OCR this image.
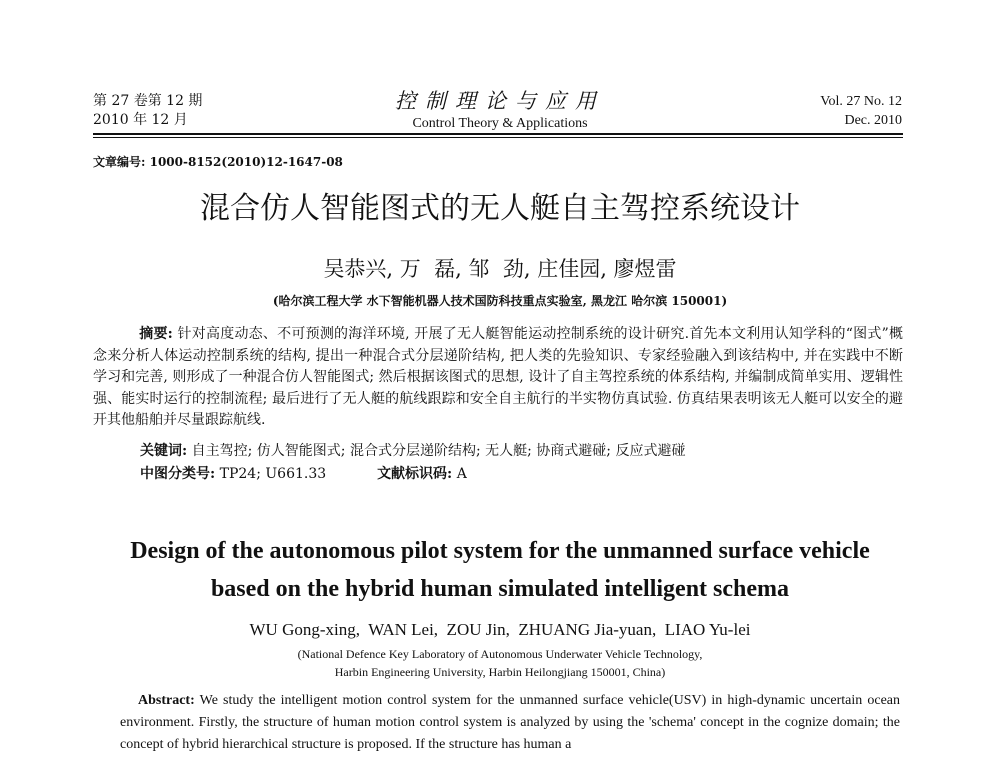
第 27 卷第 12 期
2010 年 12 月
控制理论与应用
Control Theory & Applications
Vol. 27 No. 12
Dec. 2010
文章编号: 1000-8152(2010)12-1647-08
混合仿人智能图式的无人艇自主驾控系统设计
吴恭兴, 万  磊, 邹  劲, 庄佳园, 廖煜雷
(哈尔滨工程大学 水下智能机器人技术国防科技重点实验室, 黑龙江 哈尔滨 150001)
摘要: 针对高度动态、不可预测的海洋环境, 开展了无人艇智能运动控制系统的设计研究.首先本文利用认知学科的“图式”概念来分析人体运动控制系统的结构, 提出一种混合式分层递阶结构, 把人类的先验知识、专家经验融入到该结构中, 并在实践中不断学习和完善, 则形成了一种混合仿人智能图式; 然后根据该图式的思想, 设计了自主驾控系统的体系结构, 并编制成简单实用、逻辑性强、能实时运行的控制流程; 最后进行了无人艇的航线跟踪和安全自主航行的半实物仿真试验. 仿真结果表明该无人艇可以安全的避开其他船舶并尽量跟踪航线.
关键词: 自主驾控; 仿人智能图式; 混合式分层递阶结构; 无人艇; 协商式避碰; 反应式避碰
中图分类号: TP24; U661.33	文献标识码: A
Design of the autonomous pilot system for the unmanned surface vehicle
based on the hybrid human simulated intelligent schema
WU Gong-xing,  WAN Lei,  ZOU Jin,  ZHUANG Jia-yuan,  LIAO Yu-lei
(National Defence Key Laboratory of Autonomous Underwater Vehicle Technology,
Harbin Engineering University, Harbin Heilongjiang 150001, China)
Abstract: We study the intelligent motion control system for the unmanned surface vehicle(USV) in high-dynamic uncertain ocean environment. Firstly, the structure of human motion control system is analyzed by using the 'schema' concept in the cognize domain; the concept of hybrid hierarchical structure is proposed. If the structure has human a
